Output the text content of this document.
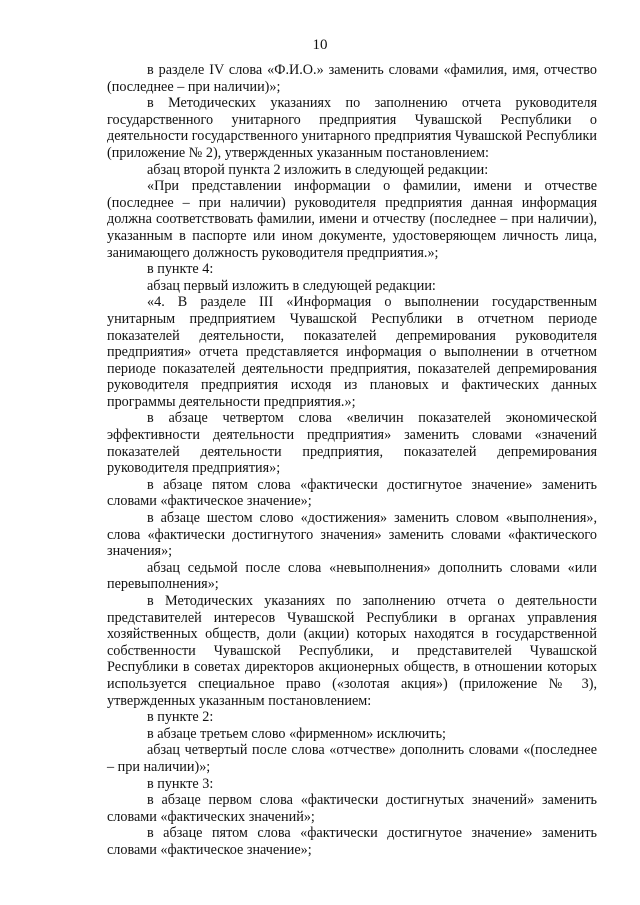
10

в разделе IV слова «Ф.И.О.» заменить словами «фамилия, имя, отчество (последнее – при наличии)»;

в Методических указаниях по заполнению отчета руководителя государственного унитарного предприятия Чувашской Республики о деятельности государственного унитарного предприятия Чувашской Республики (приложение № 2), утвержденных указанным постановлением:

абзац второй пункта 2 изложить в следующей редакции:

«При представлении информации о фамилии, имени и отчестве (последнее – при наличии) руководителя предприятия данная информация должна соответствовать фамилии, имени и отчеству (последнее – при наличии), указанным в паспорте или ином документе, удостоверяющем личность лица, занимающего должность руководителя предприятия.»;

в пункте 4:

абзац первый изложить в следующей редакции:

«4. В разделе III «Информация о выполнении государственным унитарным предприятием Чувашской Республики в отчетном периоде показателей деятельности, показателей депремирования руководителя предприятия» отчета представляется информация о выполнении в отчетном периоде показателей деятельности предприятия, показателей депремирования руководителя предприятия исходя из плановых и фактических данных программы деятельности предприятия.»;

в абзаце четвертом слова «величин показателей экономической эффективности деятельности предприятия» заменить словами «значений показателей деятельности предприятия, показателей депремирования руководителя предприятия»;

в абзаце пятом слова «фактически достигнутое значение» заменить словами «фактическое значение»;

в абзаце шестом слово «достижения» заменить словом «выполнения», слова «фактически достигнутого значения» заменить словами «фактического значения»;

абзац седьмой после слова «невыполнения» дополнить словами «или перевыполнения»;

в Методических указаниях по заполнению отчета о деятельности представителей интересов Чувашской Республики в органах управления хозяйственных обществ, доли (акции) которых находятся в государственной собственности Чувашской Республики, и представителей Чувашской Республики в советах директоров акционерных обществ, в отношении которых используется специальное право («золотая акция») (приложение № 3), утвержденных указанным постановлением:

в пункте 2:

в абзаце третьем слово «фирменном» исключить;

абзац четвертый после слова «отчестве» дополнить словами «(последнее – при наличии)»;

в пункте 3:

в абзаце первом слова «фактически достигнутых значений» заменить словами «фактических значений»;

в абзаце пятом слова «фактически достигнутое значение» заменить словами «фактическое значение»;
